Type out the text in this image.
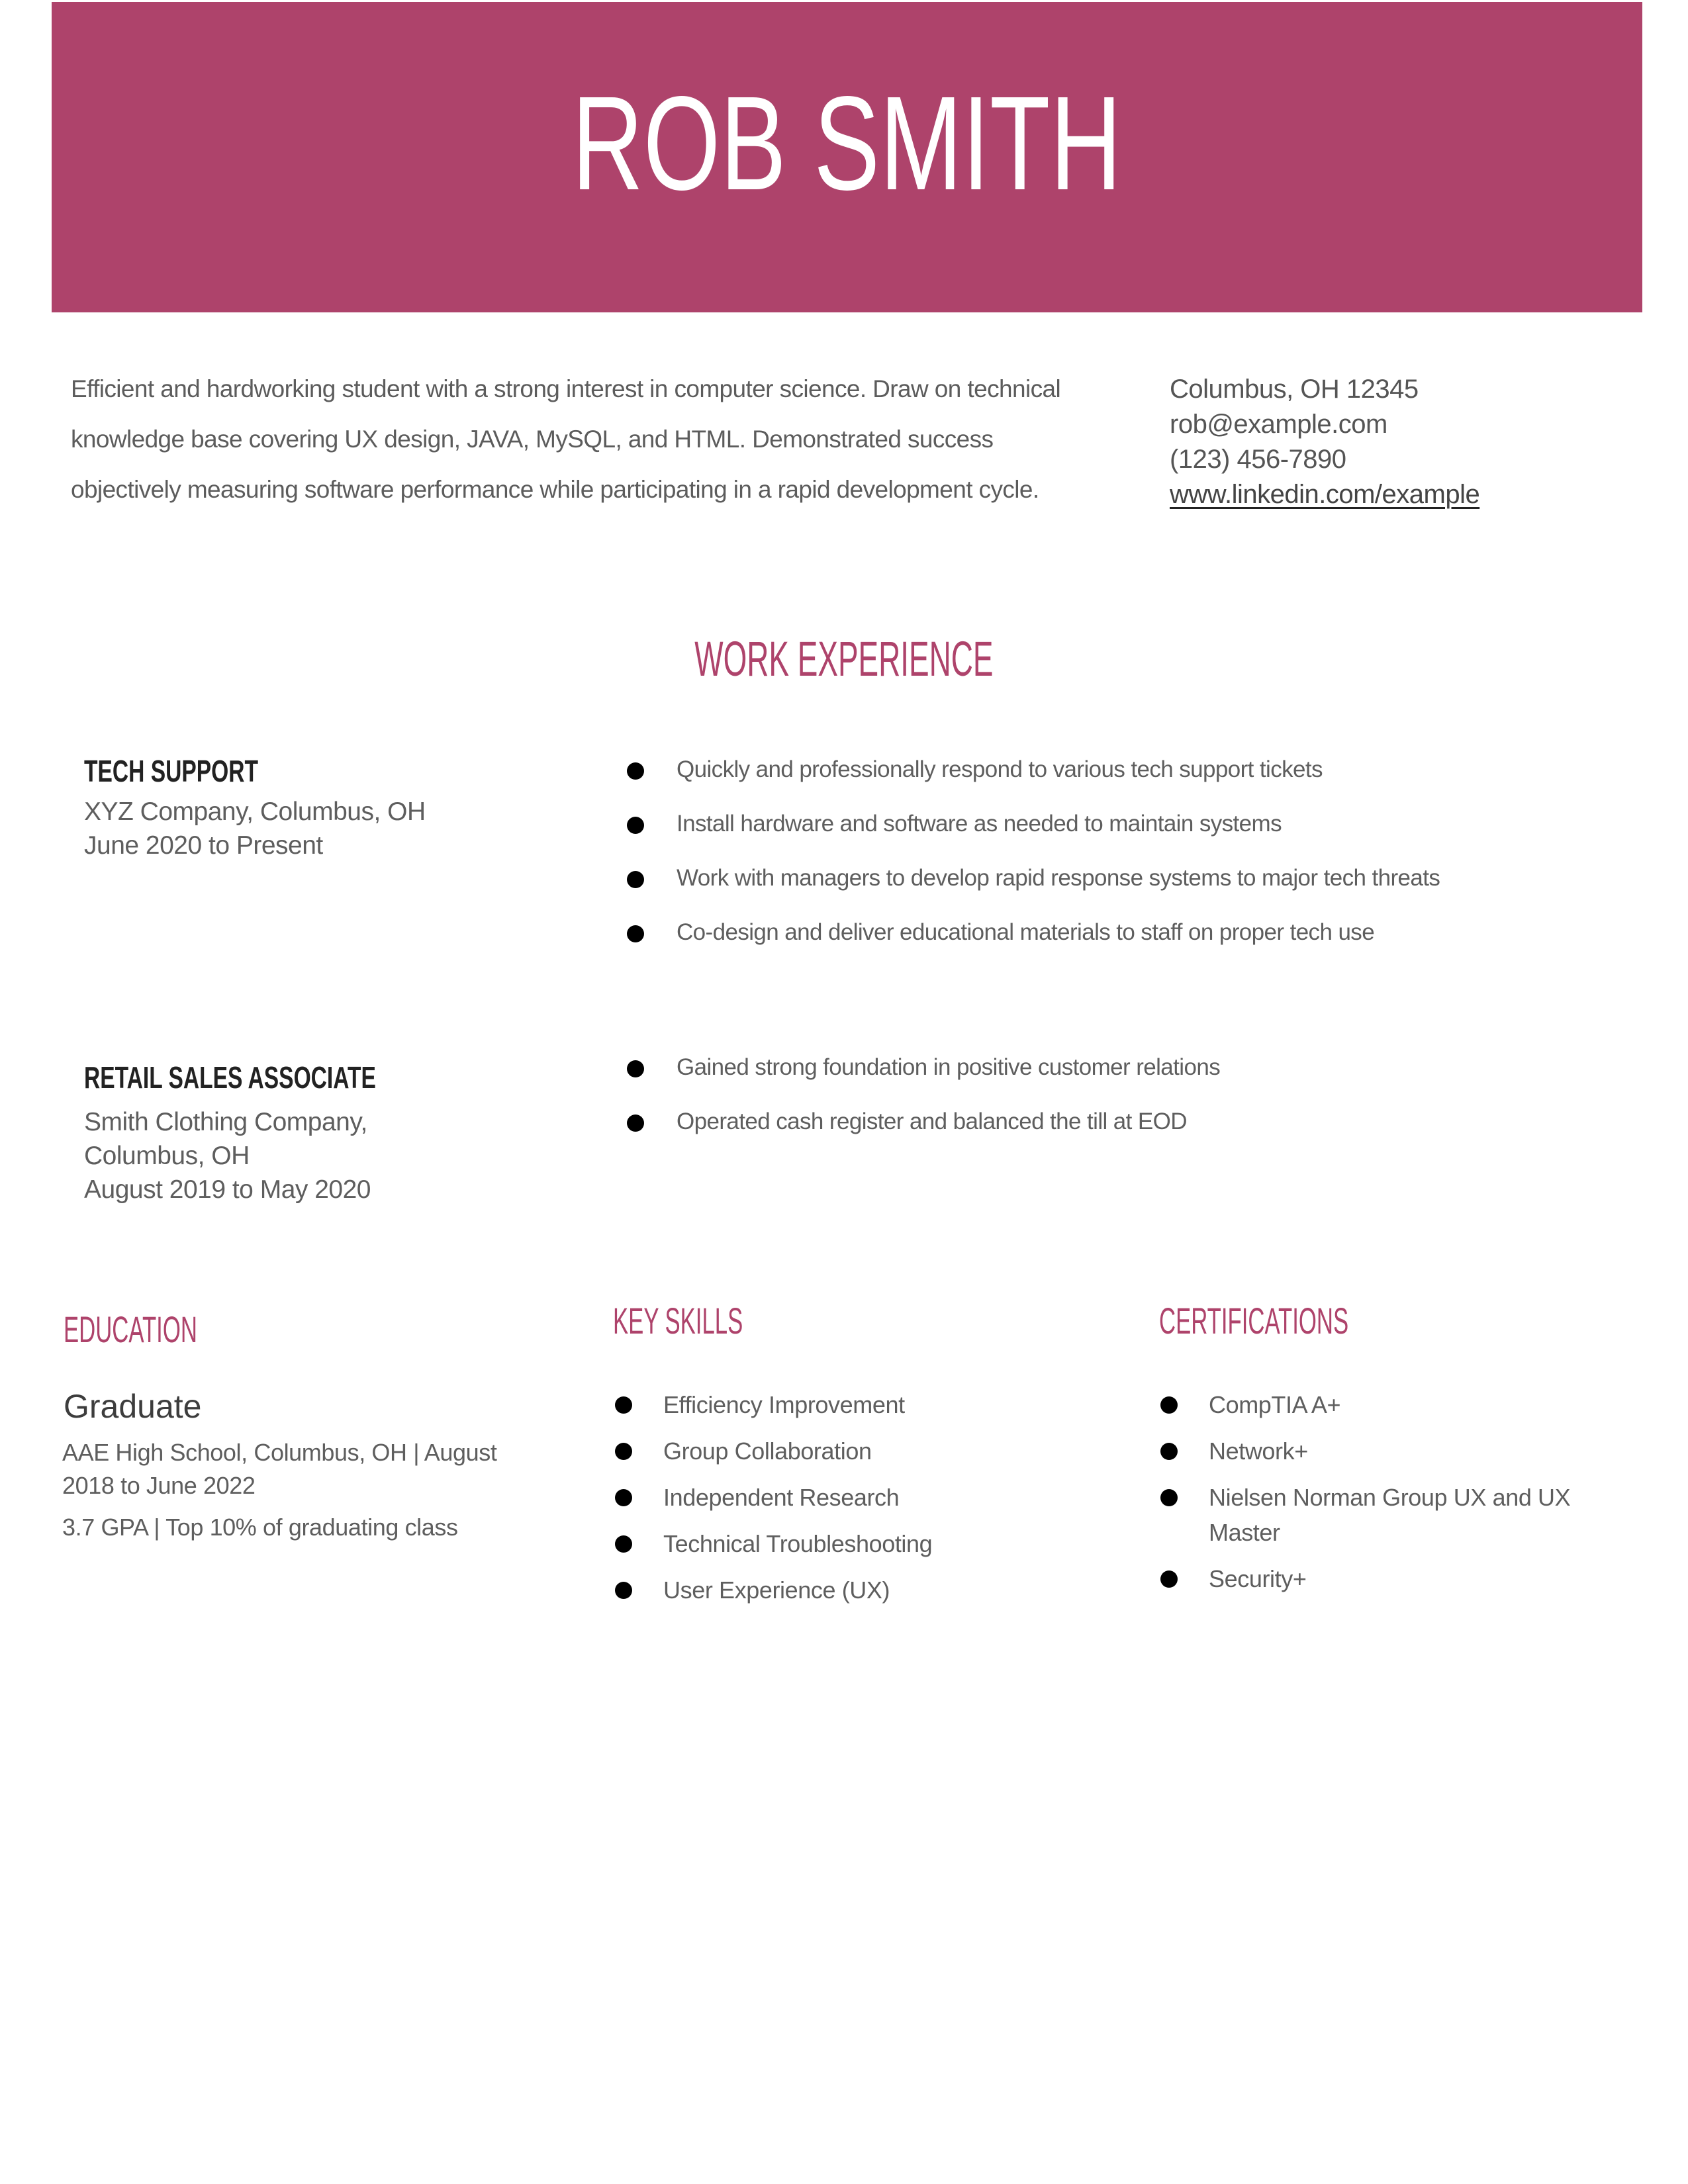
ROB SMITH
Efficient and hardworking student with a strong interest in computer science. Draw on technical knowledge base covering UX design, JAVA, MySQL, and HTML. Demonstrated success objectively measuring software performance while participating in a rapid development cycle.
Columbus, OH 12345
rob@example.com
(123) 456-7890
www.linkedin.com/example
WORK EXPERIENCE
TECH SUPPORT
XYZ Company, Columbus, OH
June 2020 to Present
Quickly and professionally respond to various tech support tickets
Install hardware and software as needed to maintain systems
Work with managers to develop rapid response systems to major tech threats
Co-design and deliver educational materials to staff on proper tech use
RETAIL SALES ASSOCIATE
Smith Clothing Company,
Columbus, OH
August 2019 to May 2020
Gained strong foundation in positive customer relations
Operated cash register and balanced the till at EOD
EDUCATION
Graduate
AAE High School, Columbus, OH | August 2018 to June 2022
3.7 GPA | Top 10% of graduating class
KEY SKILLS
Efficiency Improvement
Group Collaboration
Independent Research
Technical Troubleshooting
User Experience (UX)
CERTIFICATIONS
CompTIA A+
Network+
Nielsen Norman Group UX and UX Master
Security+
